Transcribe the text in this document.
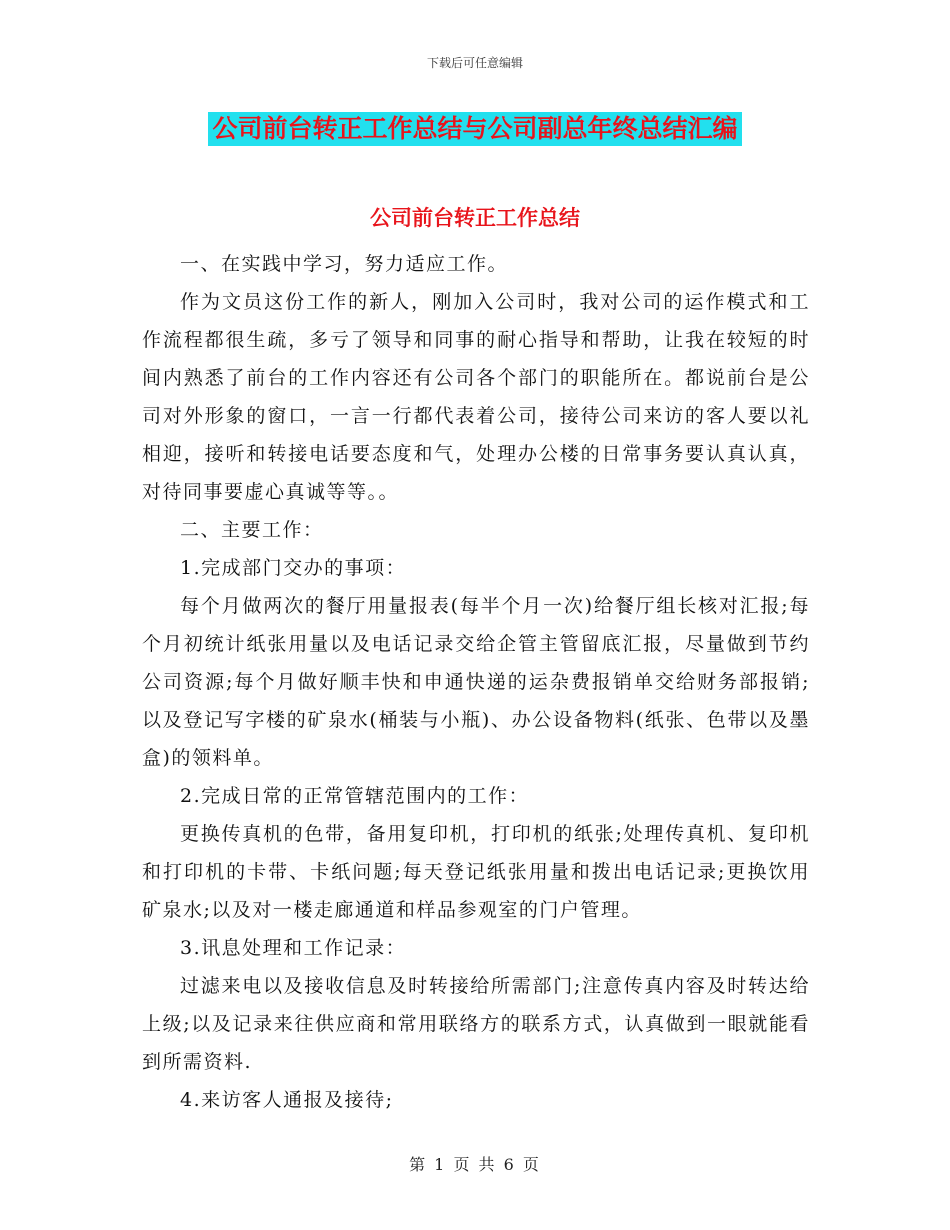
下载后可任意编辑
公司前台转正工作总结与公司副总年终总结汇编
公司前台转正工作总结

一、在实践中学习，努力适应工作。

作为文员这份工作的新人，刚加入公司时，我对公司的运作模式和工作流程都很生疏，多亏了领导和同事的耐心指导和帮助，让我在较短的时间内熟悉了前台的工作内容还有公司各个部门的职能所在。都说前台是公司对外形象的窗口，一言一行都代表着公司，接待公司来访的客人要以礼相迎，接听和转接电话要态度和气，处理办公楼的日常事务要认真认真，对待同事要虚心真诚等等。。

二、主要工作：

1.完成部门交办的事项：

每个月做两次的餐厅用量报表(每半个月一次)给餐厅组长核对汇报;每个月初统计纸张用量以及电话记录交给企管主管留底汇报，尽量做到节约公司资源;每个月做好顺丰快和申通快递的运杂费报销单交给财务部报销;以及登记写字楼的矿泉水(桶装与小瓶)、办公设备物料(纸张、色带以及墨盒)的领料单。

2.完成日常的正常管辖范围内的工作：

更换传真机的色带，备用复印机，打印机的纸张;处理传真机、复印机和打印机的卡带、卡纸问题;每天登记纸张用量和拨出电话记录;更换饮用矿泉水;以及对一楼走廊通道和样品参观室的门户管理。

3.讯息处理和工作记录：

过滤来电以及接收信息及时转接给所需部门;注意传真内容及时转达给上级;以及记录来往供应商和常用联络方的联系方式，认真做到一眼就能看到所需资料.

4.来访客人通报及接待;

第 1 页 共 6 页
